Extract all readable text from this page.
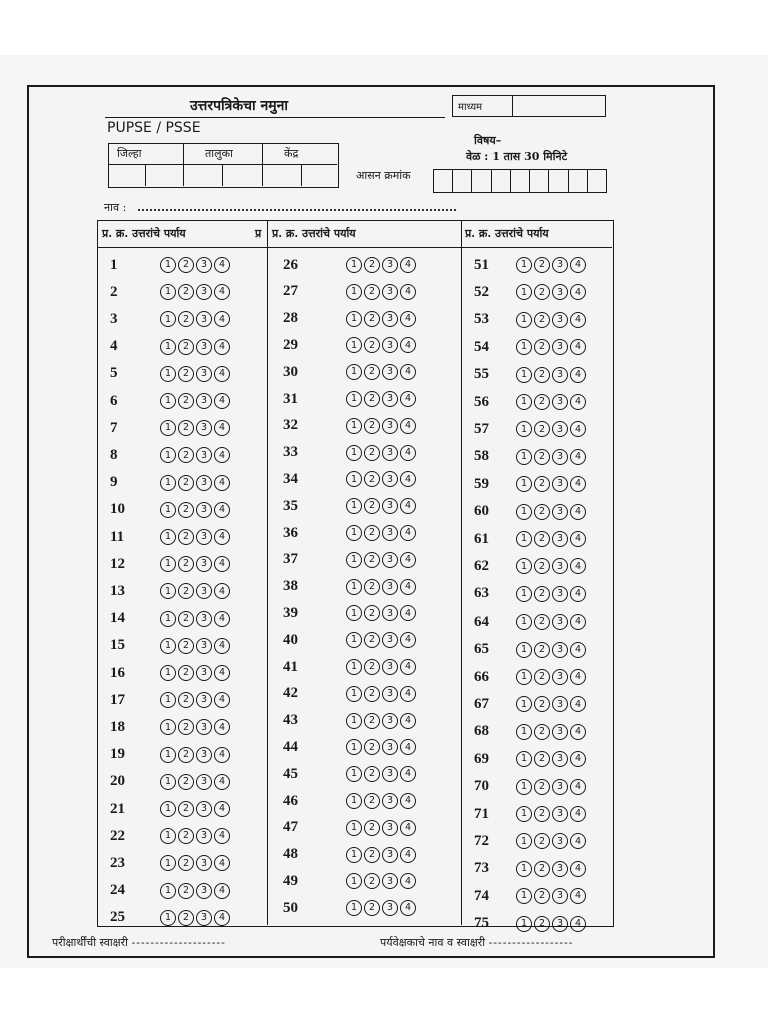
उत्तरपत्रिकेचा नमुना
PUPSE / PSSE
माध्यम
विषय–
वेळ : 1 तास 30 मिनिटे
जिल्हा	तालुका	केंद्र
आसन क्रमांक
नाव :
प्र. क्र. उत्तरांचे पर्याय	प्र प्र. क्र. उत्तरांचे पर्याय	प्र. क्र. उत्तरांचे पर्याय
1	1	2	3	4
2	1	2	3	4
3	1	2	3	4
4	1	2	3	4
5	1	2	3	4
6	1	2	3	4
7	1	2	3	4
8	1	2	3	4
9	1	2	3	4
10	1	2	3	4
11	1	2	3	4
12	1	2	3	4
13	1	2	3	4
14	1	2	3	4
15	1	2	3	4
16	1	2	3	4
17	1	2	3	4
18	1	2	3	4
19	1	2	3	4
20	1	2	3	4
21	1	2	3	4
22	1	2	3	4
23	1	2	3	4
24	1	2	3	4
25	1	2	3	4
26	1	2	3	4
27	1	2	3	4
28	1	2	3	4
29	1	2	3	4
30	1	2	3	4
31	1	2	3	4
32	1	2	3	4
33	1	2	3	4
34	1	2	3	4
35	1	2	3	4
36	1	2	3	4
37	1	2	3	4
38	1	2	3	4
39	1	2	3	4
40	1	2	3	4
41	1	2	3	4
42	1	2	3	4
43	1	2	3	4
44	1	2	3	4
45	1	2	3	4
46	1	2	3	4
47	1	2	3	4
48	1	2	3	4
49	1	2	3	4
50	1	2	3	4
51	1	2	3	4
52	1	2	3	4
53	1	2	3	4
54	1	2	3	4
55	1	2	3	4
56	1	2	3	4
57	1	2	3	4
58	1	2	3	4
59	1	2	3	4
60	1	2	3	4
61	1	2	3	4
62	1	2	3	4
63	1	2	3	4
64	1	2	3	4
65	1	2	3	4
66	1	2	3	4
67	1	2	3	4
68	1	2	3	4
69	1	2	3	4
70	1	2	3	4
71	1	2	3	4
72	1	2	3	4
73	1	2	3	4
74	1	2	3	4
75	1	2	3	4
परीक्षार्थींची स्वाक्षरी --------------------	पर्यवेक्षकाचे नाव व स्वाक्षरी ------------------
